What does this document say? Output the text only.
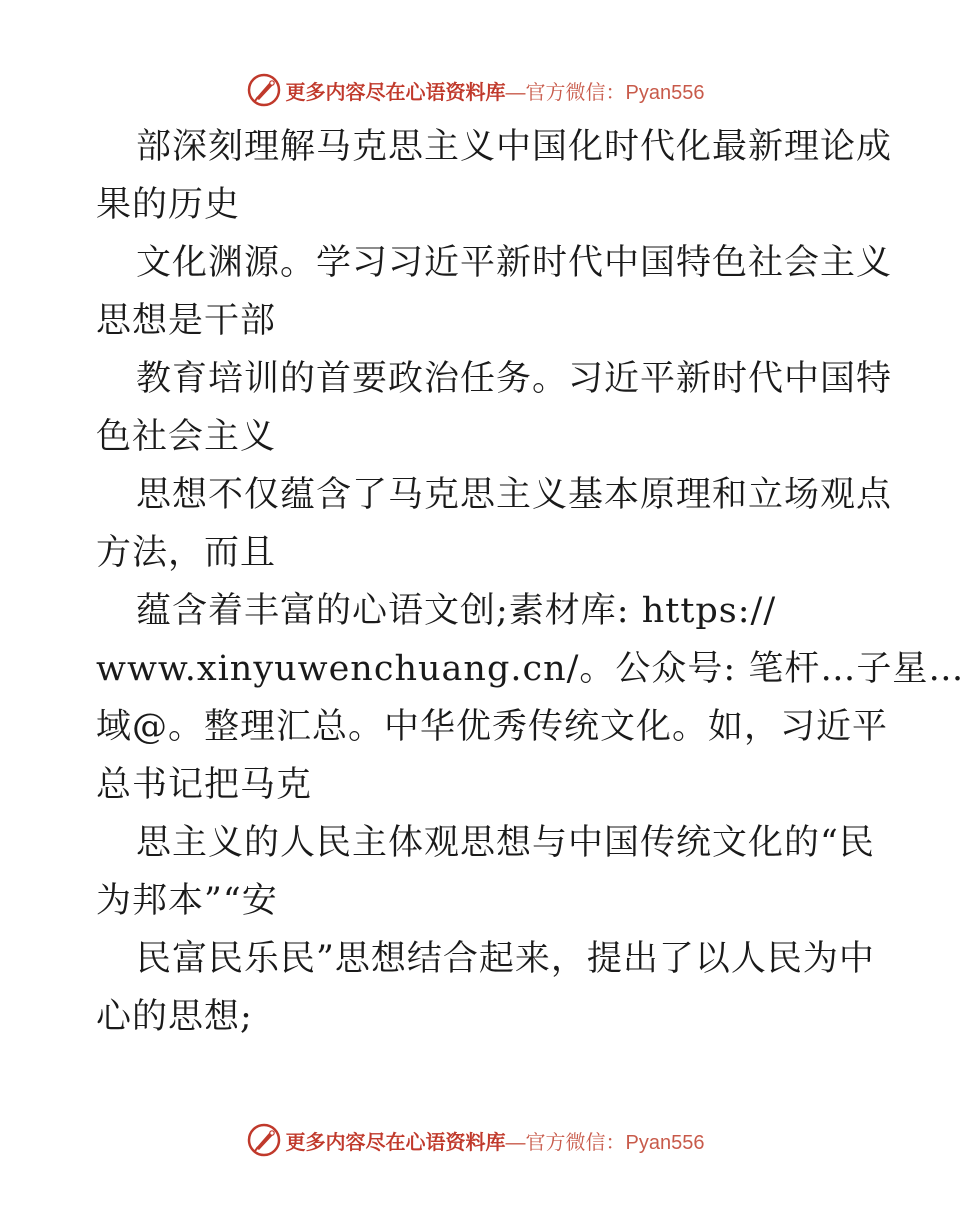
更多内容尽在心语资料库 —官方微信：Pyan556
部深刻理解马克思主义中国化时代化最新理论成
果的历史
文化渊源。学习习近平新时代中国特色社会主义
思想是干部
教育培训的首要政治任务。习近平新时代中国特
色社会主义
思想不仅蕴含了马克思主义基本原理和立场观点
方法，而且
蕴含着丰富的心语文创;素材库: https://
www.xinyuwenchuang.cn/。公众号: 笔杆…子星…
域@。整理汇总。中华优秀传统文化。如，习近平
总书记把马克
思主义的人民主体观思想与中国传统文化的“民
为邦本”“安
民富民乐民”思想结合起来，提出了以人民为中
心的思想;
更多内容尽在心语资料库 —官方微信：Pyan556
